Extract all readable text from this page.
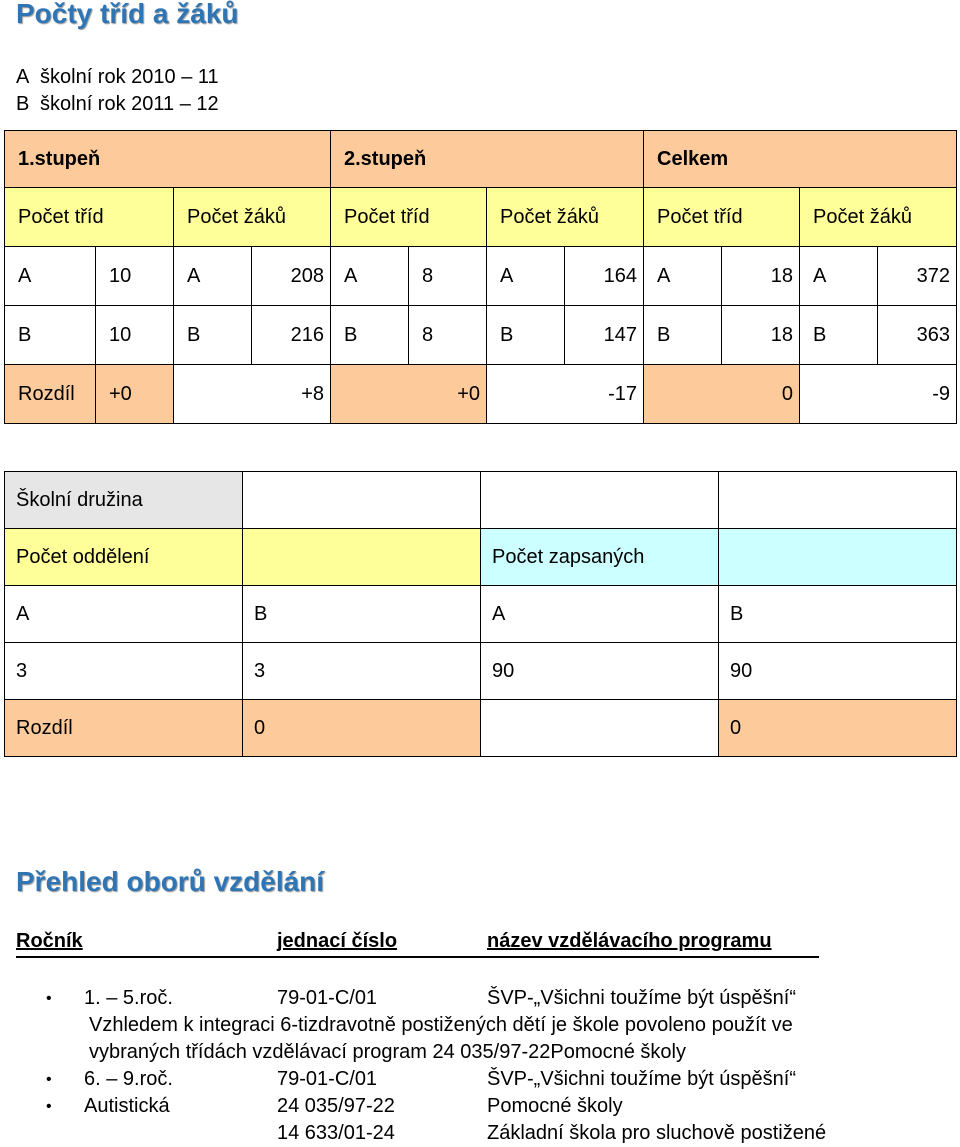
Počty tříd a žáků
A školní rok 2010 – 11
B školní rok 2011 – 12
1.stupeň				2.stupeň				Celkem			
Počet tříd		Počet žáků		Počet tříd		Počet žáků		Počet tříd		Počet žáků	
A	10	A	208	A	8	A	164	A	18	A	372
B	10	B	216	B	8	B	147	B	18	B	363
Rozdíl	+0	+8		+0		-17		0		-9	
Školní družina			
Počet oddělení		Počet zapsaných	
A	B	A	B
3	3	90	90
Rozdíl	0		0
Přehled oborů vzdělání
Ročník	jednací číslo	název vzdělávacího programu
• 1. – 5.roč.	79-01-C/01	ŠVP-„Všichni toužíme být úspěšní“
Vzhledem k integraci 6-tizdravotně postižených dětí je škole povoleno použít ve
vybraných třídách vzdělávací program 24 035/97-22Pomocné školy
• 6. – 9.roč.	79-01-C/01	ŠVP-„Všichni toužíme být úspěšní“
• Autistická	24 035/97-22	Pomocné školy
14 633/01-24	Základní škola pro sluchově postižené
